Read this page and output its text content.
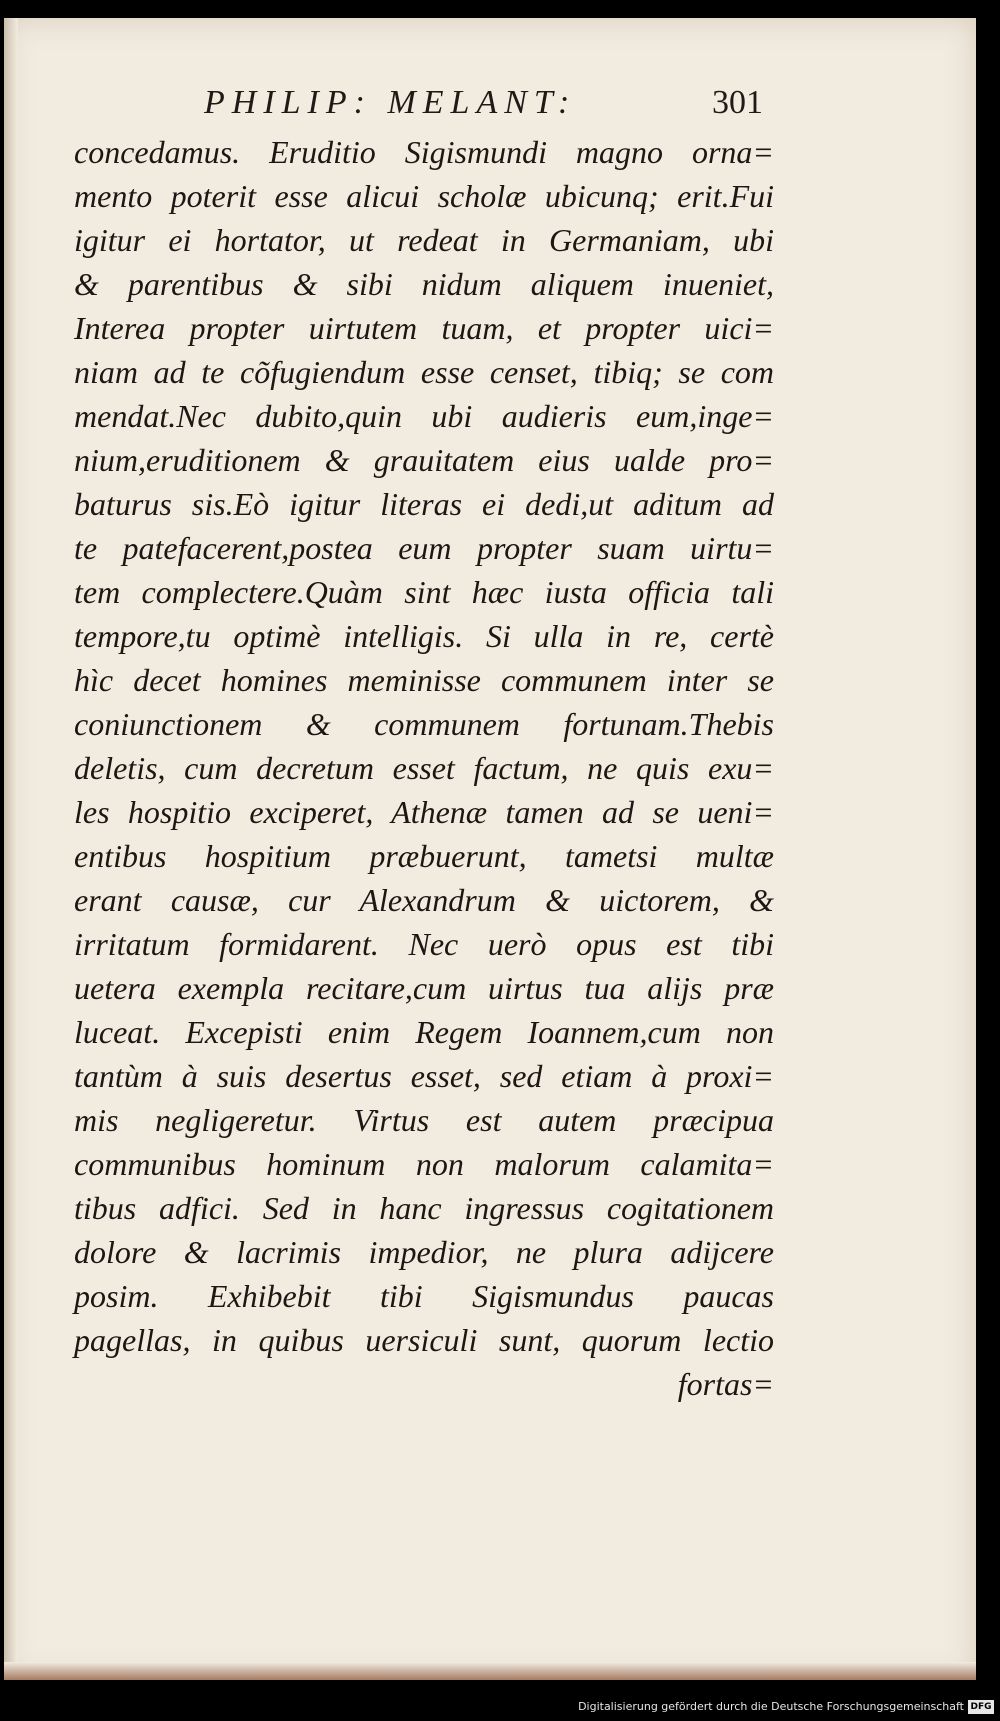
PHILIP: MELANT:	301
concedamus. Eruditio Sigismundi magno orna=
mento poterit esse alicui scholæ ubicunq; erit.Fui
igitur ei hortator, ut redeat in Germaniam, ubi
& parentibus & sibi nidum aliquem inueniet,
Interea propter uirtutem tuam, et propter uici=
niam ad te cõfugiendum esse censet, tibiq; se com
mendat.Nec dubito,quin ubi audieris eum,inge=
nium,eruditionem & grauitatem eius ualde pro=
baturus sis.Eò igitur literas ei dedi,ut aditum ad
te patefacerent,postea eum propter suam uirtu=
tem complectere.Quàm sint hæc iusta officia tali
tempore,tu optimè intelligis. Si ulla in re, certè
hìc decet homines meminisse communem inter se
coniunctionem & communem fortunam.Thebis
deletis, cum decretum esset factum, ne quis exu=
les hospitio exciperet, Athenæ tamen ad se ueni=
entibus hospitium præbuerunt, tametsi multæ
erant causæ, cur Alexandrum & uictorem, &
irritatum formidarent. Nec uerò opus est tibi
uetera exempla recitare,cum uirtus tua alijs præ
luceat. Excepisti enim Regem Ioannem,cum non
tantùm à suis desertus esset, sed etiam à proxi=
mis negligeretur. Virtus est autem præcipua
communibus hominum non malorum calamita=
tibus adfici. Sed in hanc ingressus cogitationem
dolore & lacrimis impedior, ne plura adijcere
posim. Exhibebit tibi Sigismundus paucas
pagellas, in quibus uersiculi sunt, quorum lectio
fortas=
Digitalisierung gefördert durch die Deutsche Forschungsgemeinschaft DFG
